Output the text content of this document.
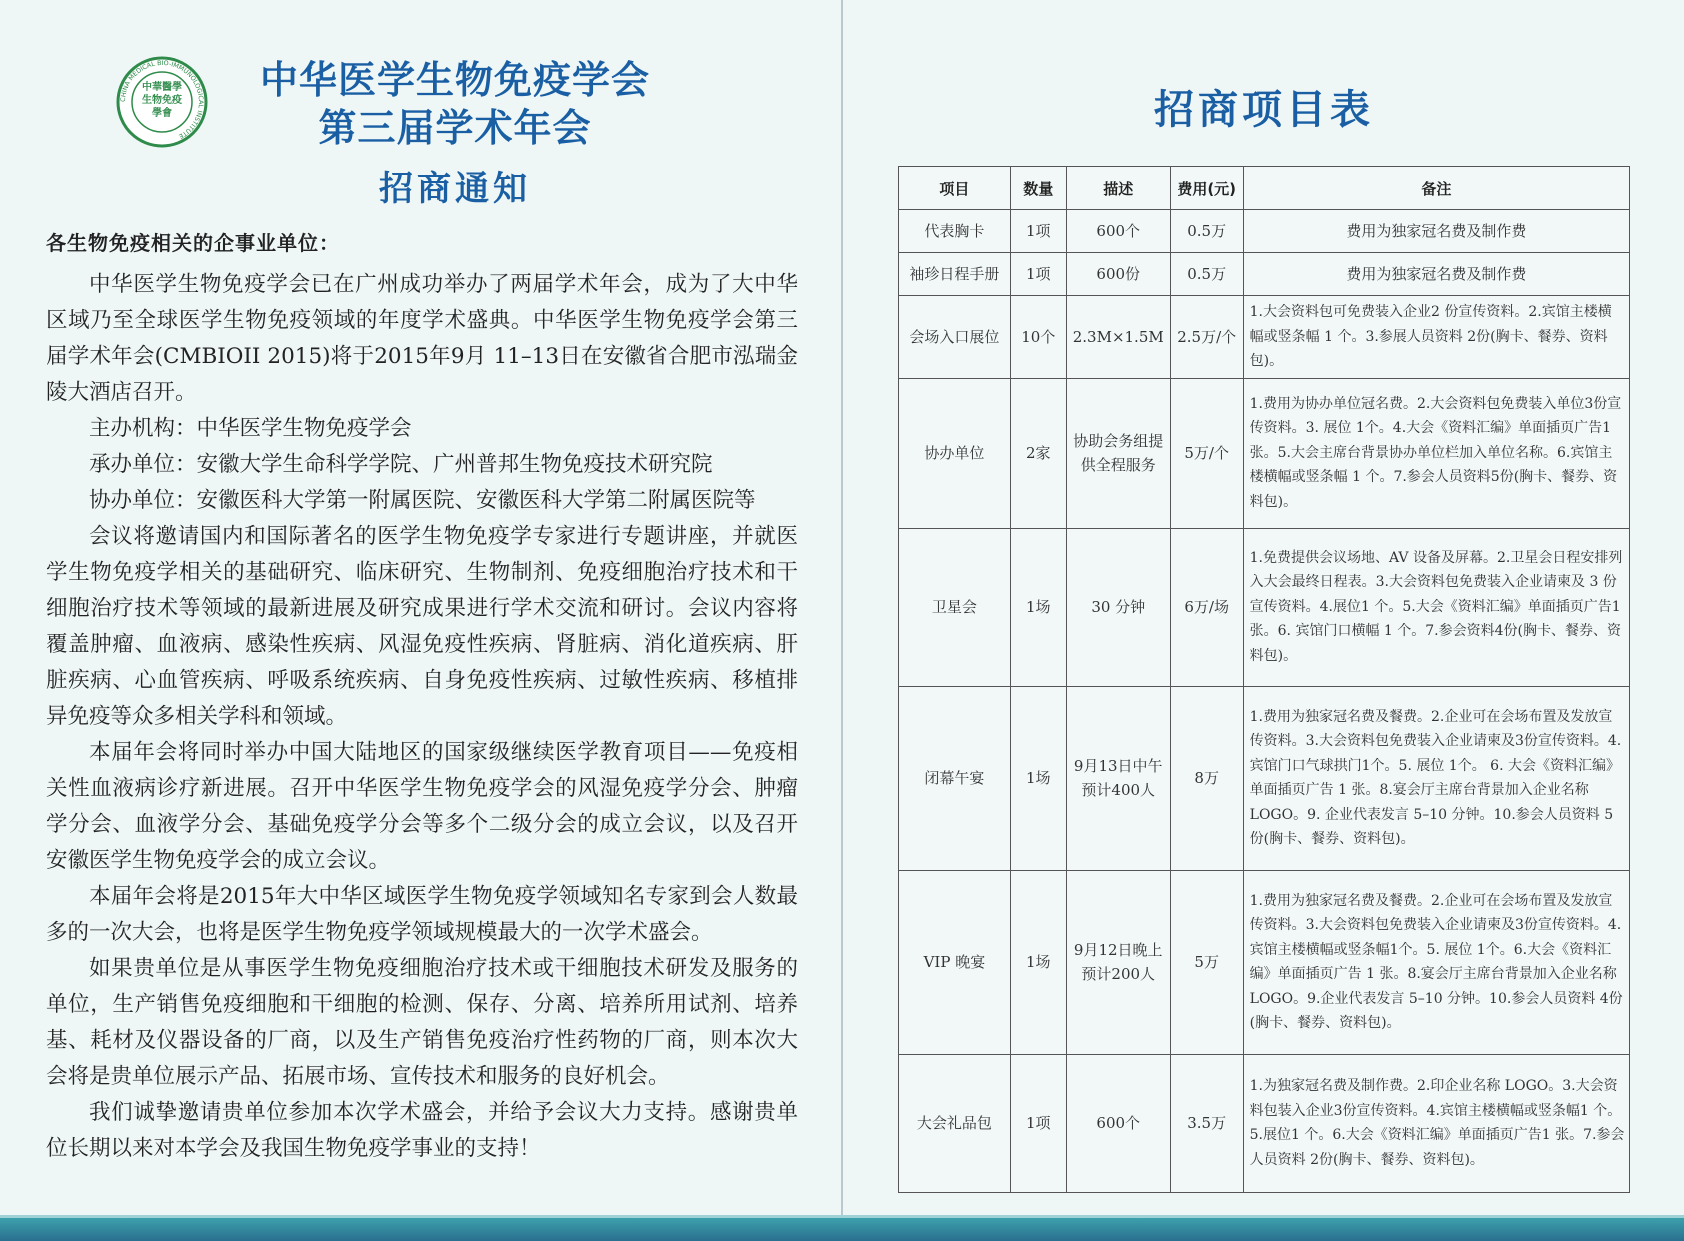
CHINA MEDICAL BIO-IMMUNOLOGICAL INSTITUTE
中華醫學生物免疫學會
中华医学生物免疫学会
第三届学术年会
招商通知
各生物免疫相关的企事业单位：

中华医学生物免疫学会已在广州成功举办了两届学术年会，成为了大中华区域乃至全球医学生物免疫领域的年度学术盛典。中华医学生物免疫学会第三届学术年会(CMBIOII 2015)将于2015年9月 11–13日在安徽省合肥市泓瑞金陵大酒店召开。

主办机构：中华医学生物免疫学会

承办单位：安徽大学生命科学学院、广州普邦生物免疫技术研究院

协办单位：安徽医科大学第一附属医院、安徽医科大学第二附属医院等

会议将邀请国内和国际著名的医学生物免疫学专家进行专题讲座，并就医学生物免疫学相关的基础研究、临床研究、生物制剂、免疫细胞治疗技术和干细胞治疗技术等领域的最新进展及研究成果进行学术交流和研讨。会议内容将覆盖肿瘤、血液病、感染性疾病、风湿免疫性疾病、肾脏病、消化道疾病、肝脏疾病、心血管疾病、呼吸系统疾病、自身免疫性疾病、过敏性疾病、移植排异免疫等众多相关学科和领域。

本届年会将同时举办中国大陆地区的国家级继续医学教育项目——免疫相关性血液病诊疗新进展。召开中华医学生物免疫学会的风湿免疫学分会、肿瘤学分会、血液学分会、基础免疫学分会等多个二级分会的成立会议，以及召开安徽医学生物免疫学会的成立会议。

本届年会将是2015年大中华区域医学生物免疫学领域知名专家到会人数最多的一次大会，也将是医学生物免疫学领域规模最大的一次学术盛会。

如果贵单位是从事医学生物免疫细胞治疗技术或干细胞技术研发及服务的单位，生产销售免疫细胞和干细胞的检测、保存、分离、培养所用试剂、培养基、耗材及仪器设备的厂商，以及生产销售免疫治疗性药物的厂商，则本次大会将是贵单位展示产品、拓展市场、宣传技术和服务的良好机会。

我们诚挚邀请贵单位参加本次学术盛会，并给予会议大力支持。感谢贵单位长期以来对本学会及我国生物免疫学事业的支持！

招商项目表
项目	数量	描述	费用(元)	备注
代表胸卡	1项	600个	0.5万	费用为独家冠名费及制作费
袖珍日程手册	1项	600份	0.5万	费用为独家冠名费及制作费
会场入口展位	10个	2.3M×1.5M	2.5万/个	1.大会资料包可免费装入企业2 份宣传资料。2.宾馆主楼横幅或竖条幅 1 个。3.参展人员资料 2份(胸卡、餐券、资料包)。
协办单位	2家	协助会务组提供全程服务	5万/个	1.费用为协办单位冠名费。2.大会资料包免费装入单位3份宣传资料。3. 展位 1个。4.大会《资料汇编》单面插页广告1 张。5.大会主席台背景协办单位栏加入单位名称。6.宾馆主楼横幅或竖条幅 1 个。7.参会人员资料5份(胸卡、餐券、资料包)。
卫星会	1场	30 分钟	6万/场	1.免费提供会议场地、AV 设备及屏幕。2.卫星会日程安排列入大会最终日程表。3.大会资料包免费装入企业请柬及 3 份宣传资料。4.展位1 个。5.大会《资料汇编》单面插页广告1张。6. 宾馆门口横幅 1 个。7.参会资料4份(胸卡、餐券、资料包)。
闭幕午宴	1场	9月13日中午预计400人	8万	1.费用为独家冠名费及餐费。2.企业可在会场布置及发放宣传资料。3.大会资料包免费装入企业请柬及3份宣传资料。4.宾馆门口气球拱门1个。5. 展位 1个。 6. 大会《资料汇编》单面插页广告 1 张。8.宴会厅主席台背景加入企业名称LOGO。9. 企业代表发言 5–10 分钟。10.参会人员资料 5份(胸卡、餐券、资料包)。
VIP 晚宴	1场	9月12日晚上预计200人	5万	1.费用为独家冠名费及餐费。2.企业可在会场布置及发放宣传资料。3.大会资料包免费装入企业请柬及3份宣传资料。4.宾馆主楼横幅或竖条幅1个。5. 展位 1个。6.大会《资料汇编》单面插页广告 1 张。8.宴会厅主席台背景加入企业名称 LOGO。9.企业代表发言 5–10 分钟。10.参会人员资料 4份(胸卡、餐券、资料包)。
大会礼品包	1项	600个	3.5万	1.为独家冠名费及制作费。2.印企业名称 LOGO。3.大会资料包装入企业3份宣传资料。4.宾馆主楼横幅或竖条幅1 个。5.展位1 个。6.大会《资料汇编》单面插页广告1 张。7.参会人员资料 2份(胸卡、餐券、资料包)。
